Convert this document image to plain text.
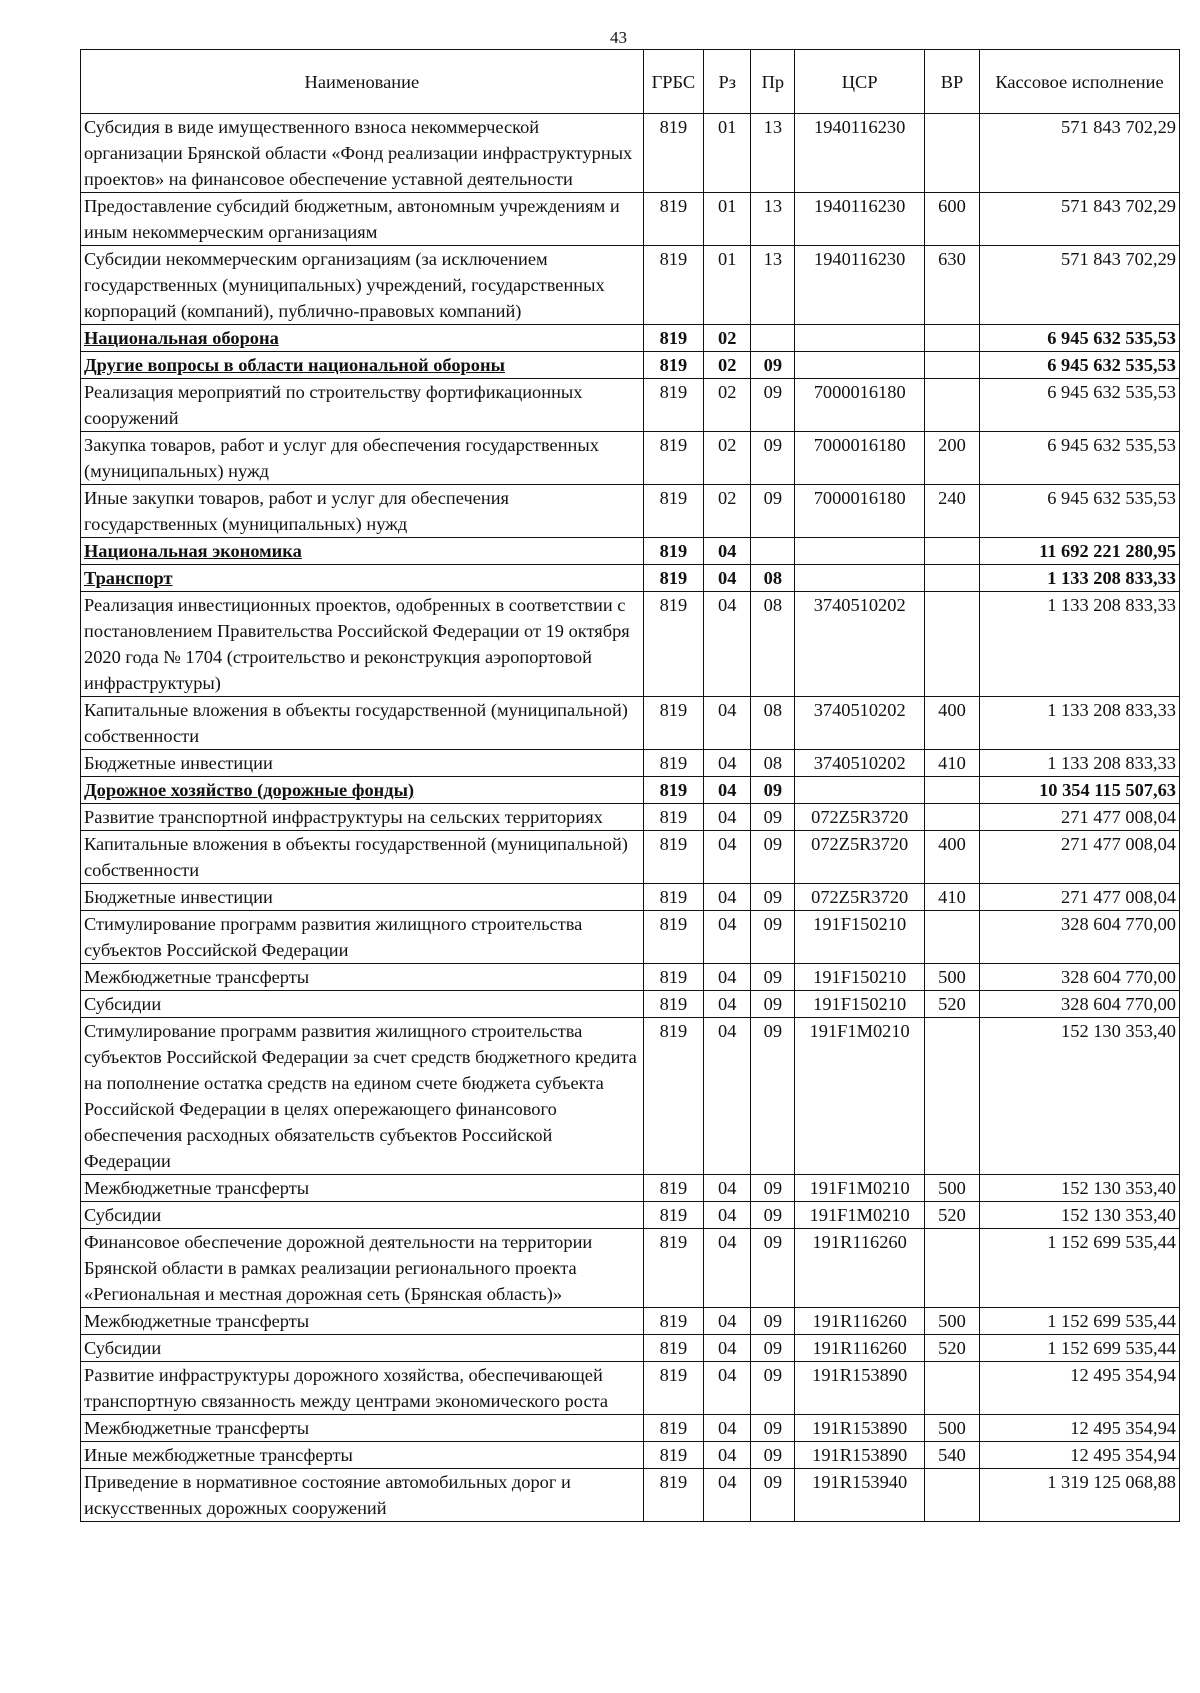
43
Наименование	ГРБС	Рз	Пр	ЦСР	ВР	Кассовое исполнение
Субсидия в виде имущественного взноса некоммерческой организации Брянской области «Фонд реализации инфраструктурных проектов» на финансовое обеспечение уставной деятельности	819	01	13	1940116230		571 843 702,29
Предоставление субсидий бюджетным, автономным учреждениям и иным некоммерческим организациям	819	01	13	1940116230	600	571 843 702,29
Субсидии некоммерческим организациям (за исключением государственных (муниципальных) учреждений, государственных корпораций (компаний), публично-правовых компаний)	819	01	13	1940116230	630	571 843 702,29
Национальная оборона	819	02				6 945 632 535,53
Другие вопросы в области национальной обороны	819	02	09			6 945 632 535,53
Реализация мероприятий по строительству фортификационных сооружений	819	02	09	7000016180		6 945 632 535,53
Закупка товаров, работ и услуг для обеспечения государственных (муниципальных) нужд	819	02	09	7000016180	200	6 945 632 535,53
Иные закупки товаров, работ и услуг для обеспечения государственных (муниципальных) нужд	819	02	09	7000016180	240	6 945 632 535,53
Национальная экономика	819	04				11 692 221 280,95
Транспорт	819	04	08			1 133 208 833,33
Реализация инвестиционных проектов, одобренных в соответствии с постановлением Правительства Российской Федерации от 19 октября 2020 года № 1704 (строительство и реконструкция аэропортовой инфраструктуры)	819	04	08	3740510202		1 133 208 833,33
Капитальные вложения в объекты государственной (муниципальной) собственности	819	04	08	3740510202	400	1 133 208 833,33
Бюджетные инвестиции	819	04	08	3740510202	410	1 133 208 833,33
Дорожное хозяйство (дорожные фонды)	819	04	09			10 354 115 507,63
Развитие транспортной инфраструктуры на сельских территориях	819	04	09	072Z5R3720		271 477 008,04
Капитальные вложения в объекты государственной (муниципальной) собственности	819	04	09	072Z5R3720	400	271 477 008,04
Бюджетные инвестиции	819	04	09	072Z5R3720	410	271 477 008,04
Стимулирование программ развития жилищного строительства субъектов Российской Федерации	819	04	09	191F150210		328 604 770,00
Межбюджетные трансферты	819	04	09	191F150210	500	328 604 770,00
Субсидии	819	04	09	191F150210	520	328 604 770,00
Стимулирование программ развития жилищного строительства субъектов Российской Федерации за счет средств бюджетного кредита на пополнение остатка средств на едином счете бюджета субъекта Российской Федерации в целях опережающего финансового обеспечения расходных обязательств субъектов Российской Федерации	819	04	09	191F1M0210		152 130 353,40
Межбюджетные трансферты	819	04	09	191F1M0210	500	152 130 353,40
Субсидии	819	04	09	191F1M0210	520	152 130 353,40
Финансовое обеспечение дорожной деятельности на территории Брянской области в рамках реализации регионального проекта «Региональная и местная дорожная сеть (Брянская область)»	819	04	09	191R116260		1 152 699 535,44
Межбюджетные трансферты	819	04	09	191R116260	500	1 152 699 535,44
Субсидии	819	04	09	191R116260	520	1 152 699 535,44
Развитие инфраструктуры дорожного хозяйства, обеспечивающей транспортную связанность между центрами экономического роста	819	04	09	191R153890		12 495 354,94
Межбюджетные трансферты	819	04	09	191R153890	500	12 495 354,94
Иные межбюджетные трансферты	819	04	09	191R153890	540	12 495 354,94
Приведение в нормативное состояние автомобильных дорог и искусственных дорожных сооружений	819	04	09	191R153940		1 319 125 068,88
